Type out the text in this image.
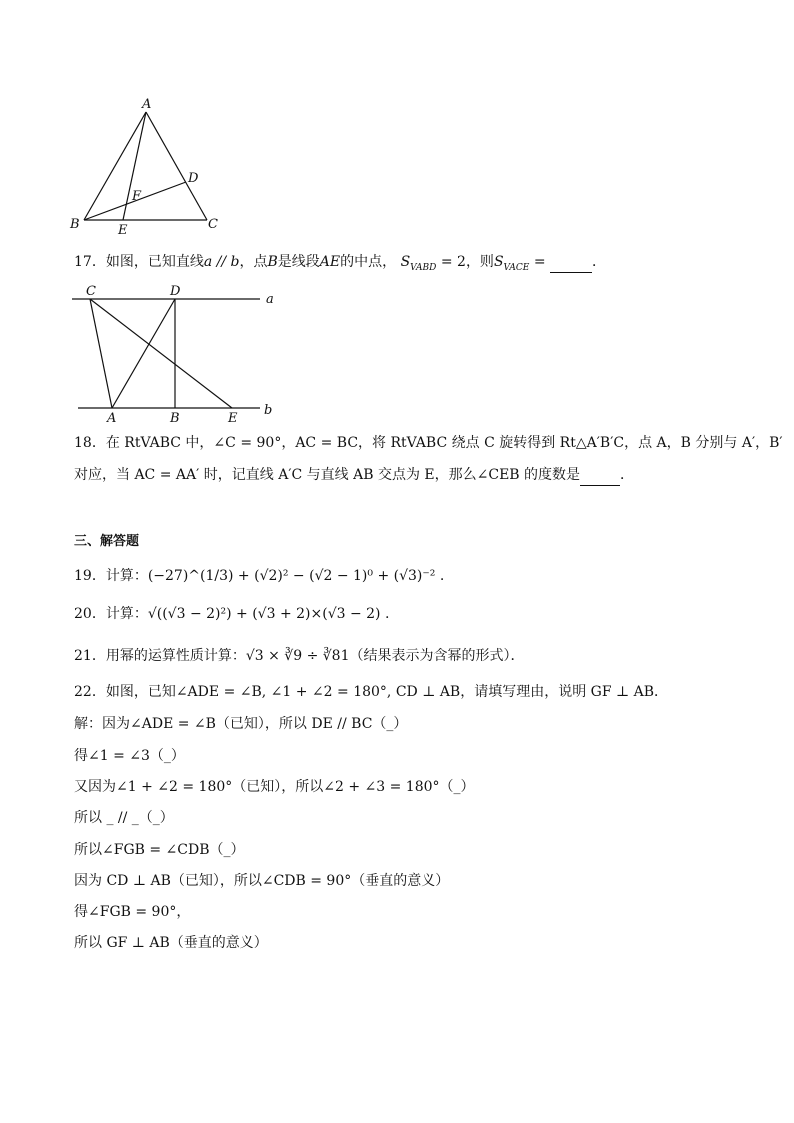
A
B	C
D
E
F
17．如图，已知直线a // b，点B是线段AE的中点， $S_{VABD} = 2$，则$S_{VACE}$ =	．
C	D
a
A	B	E
b
18．在 RtVABC 中，∠C = 90°，AC = BC，将 RtVABC 绕点 C 旋转得到 Rt△A′B′C，点 A，B 分别与 A′，B′
对应，当 AC = AA′ 时，记直线 A′C 与直线 AB 交点为 E，那么∠CEB 的度数是	．
三、解答题
19．计算：(−27)^(1/3) + (√2)² − (√2 − 1)⁰ + (√3)⁻² .
20．计算：√((√3 − 2)²) + (√3 + 2)×(√3 − 2) .
21．用幂的运算性质计算：√3 × ∛9 ÷ ∛81（结果表示为含幂的形式）．
22．如图，已知∠ADE = ∠B, ∠1 + ∠2 = 180°, CD ⊥ AB，请填写理由，说明 GF ⊥ AB．
解：因为∠ADE = ∠B（已知），所以 DE // BC（_）
得∠1 = ∠3（_）
又因为∠1 + ∠2 = 180°（已知），所以∠2 + ∠3 = 180°（_）
所以 _ // _（_）
所以∠FGB = ∠CDB（_）
因为 CD ⊥ AB（已知），所以∠CDB = 90°（垂直的意义）
得∠FGB = 90°，
所以 GF ⊥ AB（垂直的意义）
